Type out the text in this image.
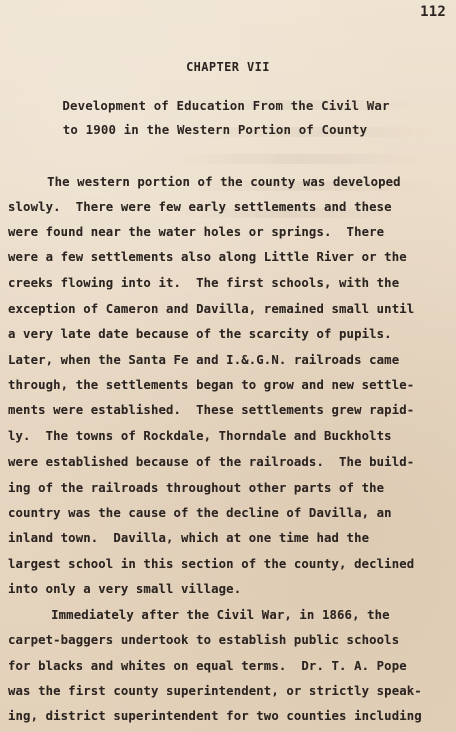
112
CHAPTER VII
Development of Education From the Civil War
to 1900 in the Western Portion of County
The western portion of the county was developed
slowly.  There were few early settlements and these
were found near the water holes or springs.  There
were a few settlements also along Little River or the
creeks flowing into it.  The first schools, with the
exception of Cameron and Davilla, remained small until
a very late date because of the scarcity of pupils.
Later, when the Santa Fe and I.&.G.N. railroads came
through, the settlements began to grow and new settle-
ments were established.  These settlements grew rapid-
ly.  The towns of Rockdale, Thorndale and Buckholts
were established because of the railroads.  The build-
ing of the railroads throughout other parts of the
country was the cause of the decline of Davilla, an
inland town.  Davilla, which at one time had the
largest school in this section of the county, declined
into only a very small village.
Immediately after the Civil War, in 1866, the
carpet-baggers undertook to establish public schools
for blacks and whites on equal terms.  Dr. T. A. Pope
was the first county superintendent, or strictly speak-
ing, district superintendent for two counties including
